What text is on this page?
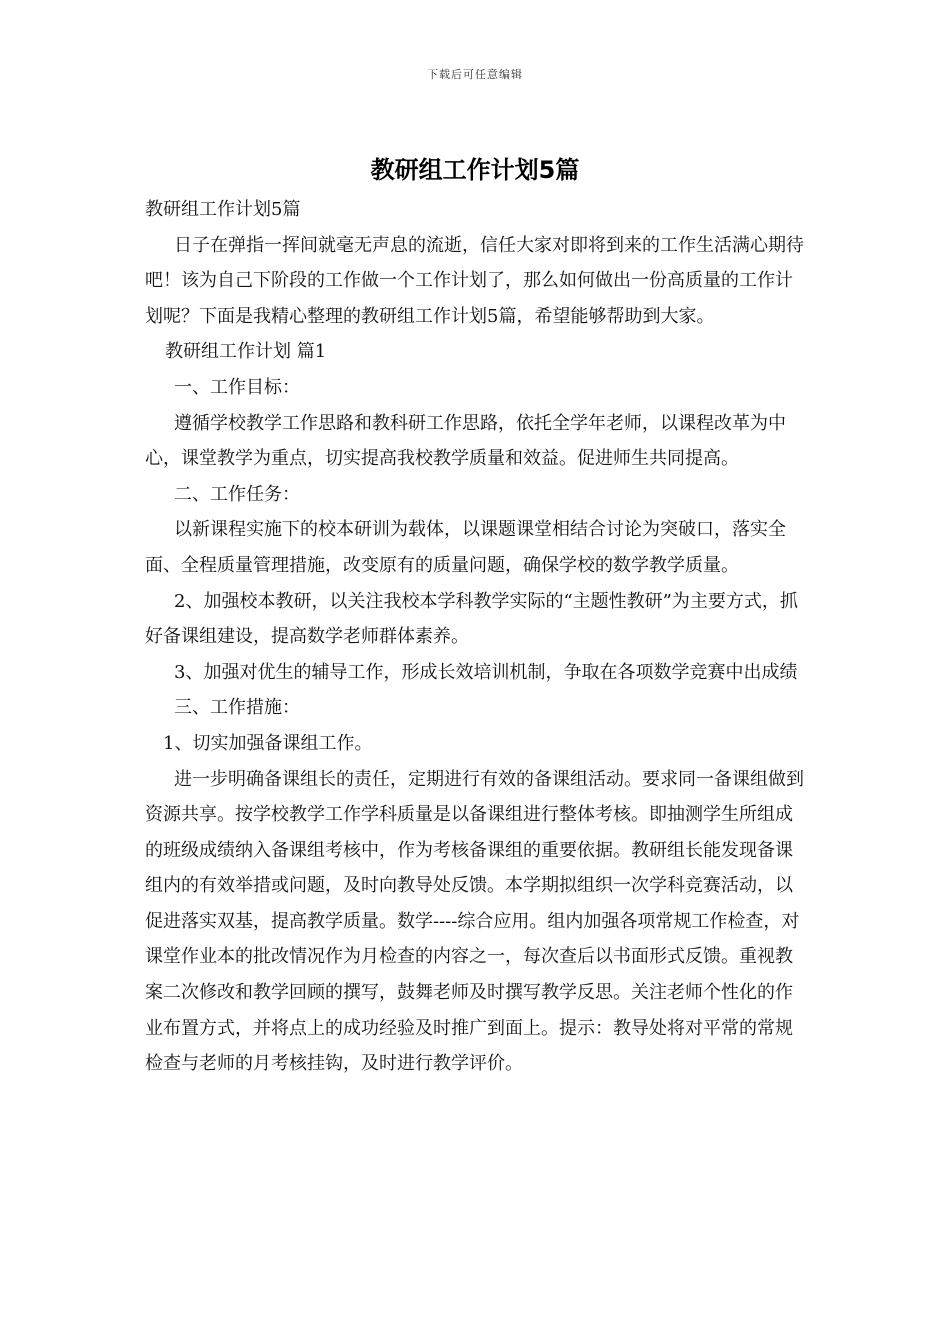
下载后可任意编辑
教研组工作计划5篇

教研组工作计划5篇

日子在弹指一挥间就毫无声息的流逝，信任大家对即将到来的工作生活满心期待吧！该为自己下阶段的工作做一个工作计划了，那么如何做出一份高质量的工作计划呢？下面是我精心整理的教研组工作计划5篇，希望能够帮助到大家。

教研组工作计划 篇1

一、工作目标：

遵循学校教学工作思路和教科研工作思路，依托全学年老师，以课程改革为中心，课堂教学为重点，切实提高我校教学质量和效益。促进师生共同提高。

二、工作任务：

以新课程实施下的校本研训为载体，以课题课堂相结合讨论为突破口，落实全面、全程质量管理措施，改变原有的质量问题，确保学校的数学教学质量。

2、加强校本教研，以关注我校本学科教学实际的“主题性教研”为主要方式，抓好备课组建设，提高数学老师群体素养。

3、加强对优生的辅导工作，形成长效培训机制，争取在各项数学竞赛中出成绩

三、工作措施：

1、切实加强备课组工作。

进一步明确备课组长的责任，定期进行有效的备课组活动。要求同一备课组做到资源共享。按学校教学工作学科质量是以备课组进行整体考核。即抽测学生所组成的班级成绩纳入备课组考核中，作为考核备课组的重要依据。教研组长能发现备课组内的有效举措或问题，及时向教导处反馈。本学期拟组织一次学科竞赛活动，以促进落实双基，提高教学质量。数学----综合应用。组内加强各项常规工作检查，对课堂作业本的批改情况作为月检查的内容之一，每次查后以书面形式反馈。重视教案二次修改和教学回顾的撰写，鼓舞老师及时撰写教学反思。关注老师个性化的作业布置方式，并将点上的成功经验及时推广到面上。提示：教导处将对平常的常规检查与老师的月考核挂钩，及时进行教学评价。
